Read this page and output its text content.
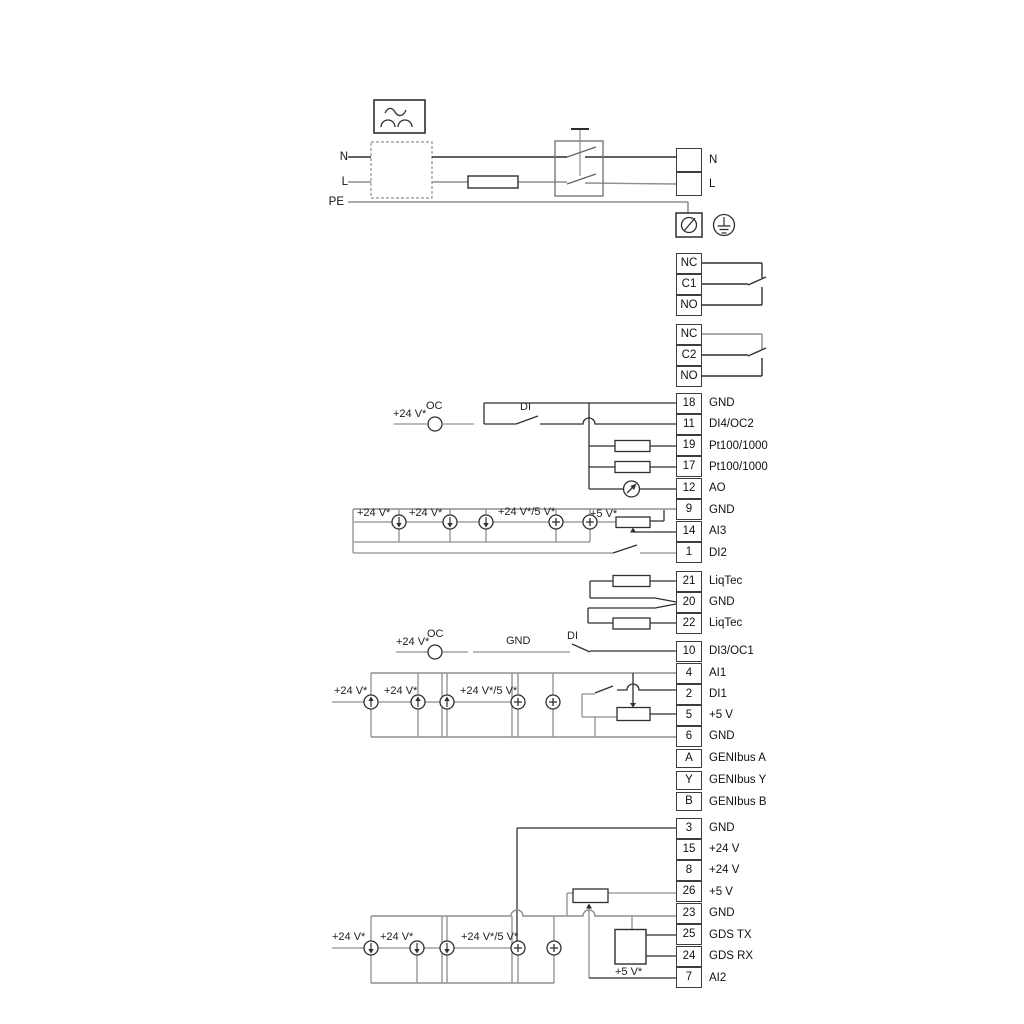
N
L
PE
+24 V*
OC	DI
+24 V* +24 V*	+24 V*/5 V*	+5 V*
+24 V*
OC
GND	DI
+24 V* +24 V*	+24 V*/5 V*
+24 V* +24 V*	+24 V*/5 V*
+5 V*
N
L
NC
C1
NO
NC
C2
NO
18	GND
11	DI4/OC2
19	Pt100/1000
17	Pt100/1000
12	AO
9	GND
14	AI3
1	DI2
21	LiqTec
20	GND
22	LiqTec
10	DI3/OC1
4	AI1
2	DI1
5	+5 V
6	GND
A	GENIbus A
Y	GENIbus Y
B	GENIbus B
3	GND
15	+24 V
8	+24 V
26	+5 V
23	GND
25	GDS TX
24	GDS RX
7	AI2
